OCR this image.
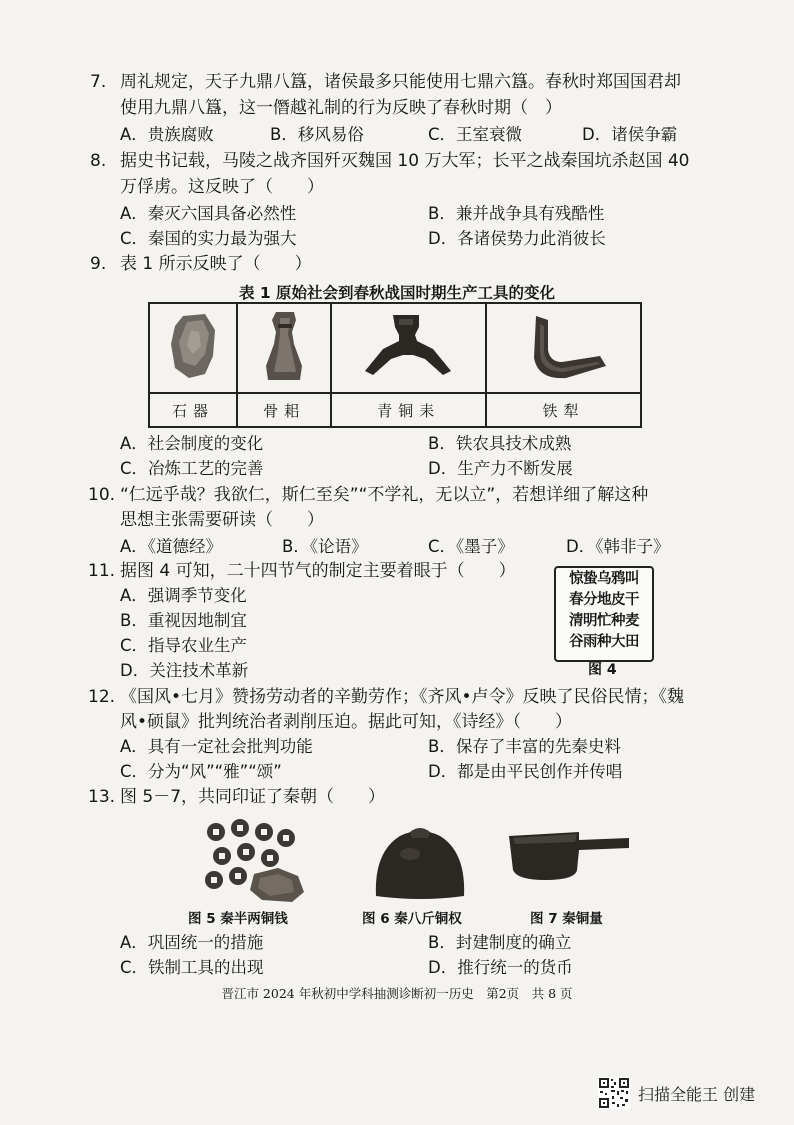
7. 周礼规定，天子九鼎八簋，诸侯最多只能使用七鼎六簋。春秋时郑国国君却
使用九鼎八簋，这一僭越礼制的行为反映了春秋时期（　）
A．贵族腐败	B．移风易俗	C．王室衰微	D．诸侯争霸
8. 据史书记载，马陵之战齐国歼灭魏国 10 万大军；长平之战秦国坑杀赵国 40
万俘虏。这反映了（　　）
A．秦灭六国具备必然性	B．兼并战争具有残酷性
C．秦国的实力最为强大	D．各诸侯势力此消彼长
9. 表 1 所示反映了（　　）
表 1 原始社会到春秋战国时期生产工具的变化

石器	骨耜	青铜耒	铁犁
A．社会制度的变化	B．铁农具技术成熟
C．冶炼工艺的完善	D．生产力不断发展
10. “仁远乎哉？我欲仁，斯仁至矣”“不学礼，无以立”，若想详细了解这种
思想主张需要研读（　　）
A．《道德经》	B．《论语》	C．《墨子》	D．《韩非子》
11. 据图 4 可知，二十四节气的制定主要着眼于（　　）
A．强调季节变化
B．重视因地制宜
C．指导农业生产
D．关注技术革新
惊蛰乌鸦叫
春分地皮干
清明忙种麦
谷雨种大田
图 4
12. 《国风•七月》赞扬劳动者的辛勤劳作；《齐风•卢令》反映了民俗民情；《魏
风•硕鼠》批判统治者剥削压迫。据此可知，《诗经》（　　）
A．具有一定社会批判功能	B．保存了丰富的先秦史料
C．分为“风”“雅”“颂”	D．都是由平民创作并传唱
13. 图 5－7，共同印证了秦朝（　　）
图 5 秦半两铜钱	图 6 秦八斤铜权	图 7 秦铜量
A．巩固统一的措施	B．封建制度的确立
C．铁制工具的出现	D．推行统一的货币
晋江市 2024 年秋初中学科抽测诊断初一历史　第2页　共 8 页
扫描全能王 创建
